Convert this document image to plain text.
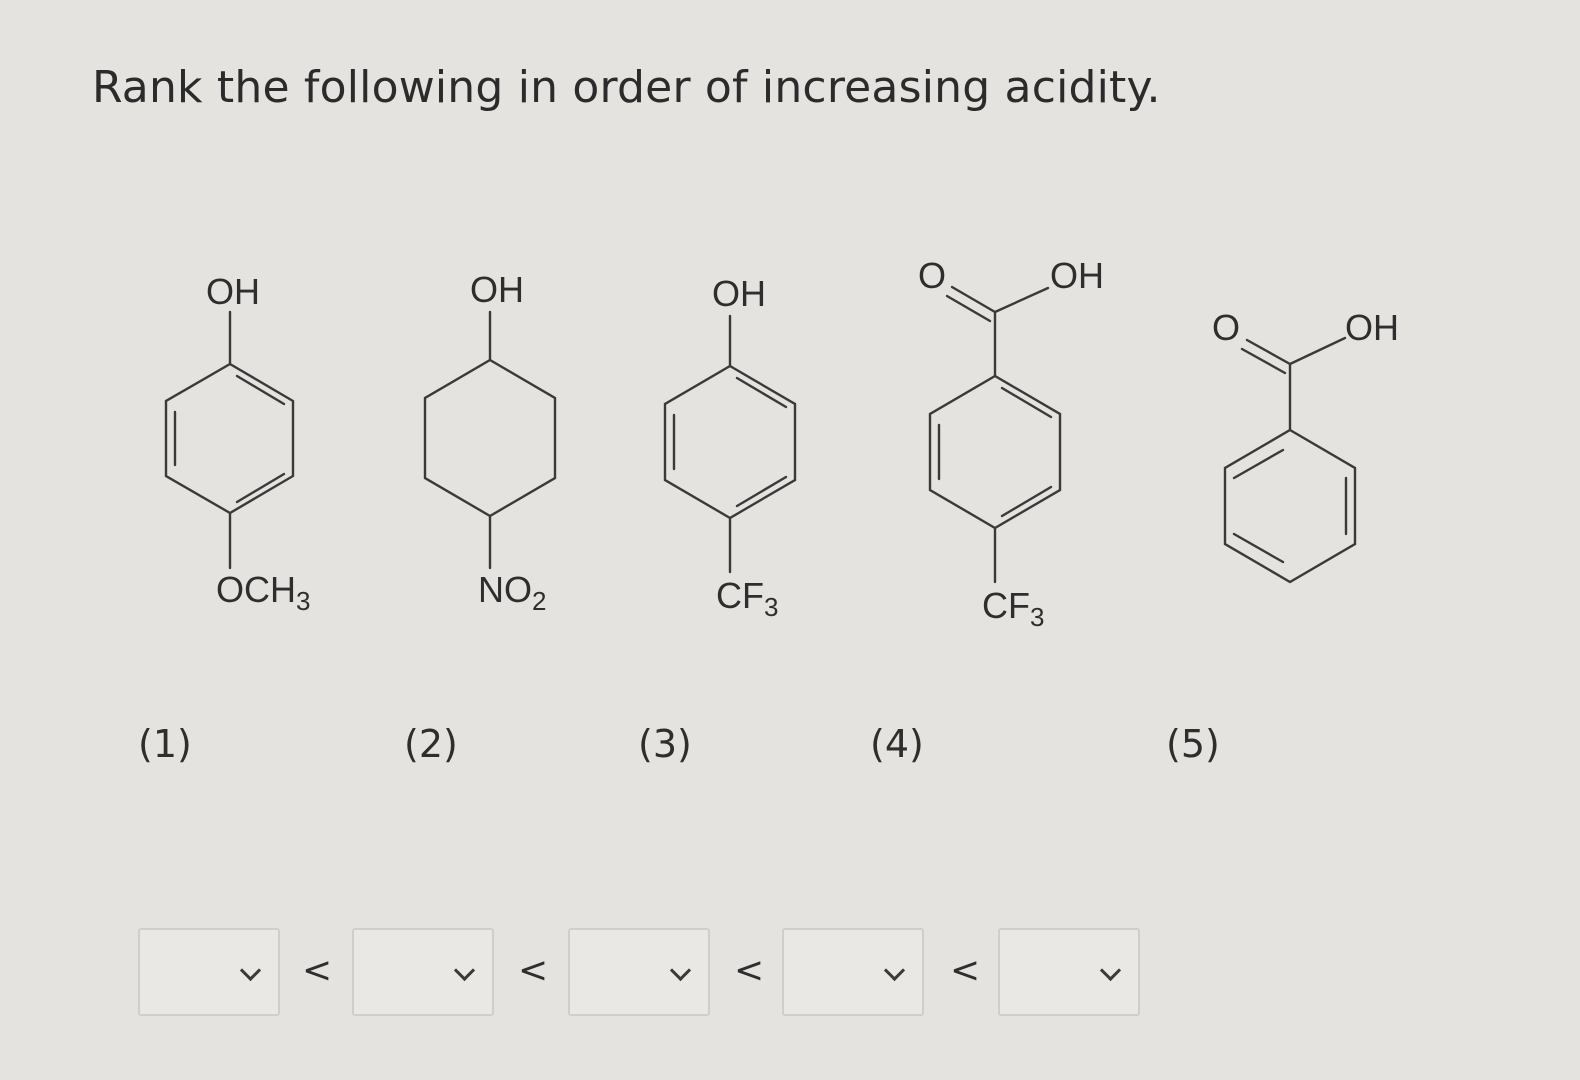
Rank the following in order of increasing acidity.
OH
$OCH_3$
OH
$NO_2$
OH
$CF_3$
O	OH
$CF_3$
O	OH
(1)	(2)	(3)	(4)	(5)
<	<	<	<
